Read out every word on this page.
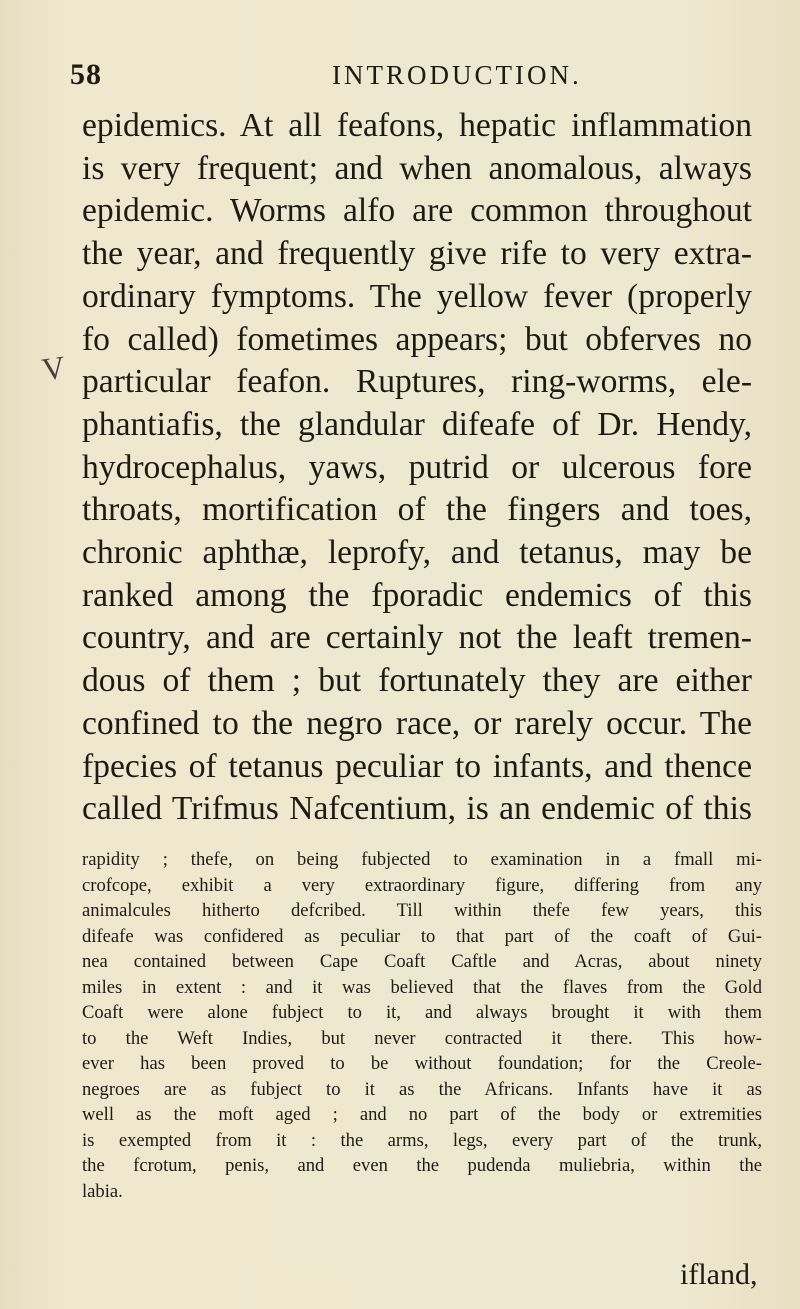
58	INTRODUCTION.
V
epidemics. At all feafons, hepatic inflammation
is very frequent; and when anomalous, always
epidemic. Worms alfo are common throughout
the year, and frequently give rife to very extra-
ordinary fymptoms. The yellow fever (properly
fo called) fometimes appears; but obferves no
particular feafon. Ruptures, ring-worms, ele-
phantiafis, the glandular difeafe of Dr. Hendy,
hydrocephalus, yaws, putrid or ulcerous fore
throats, mortification of the fingers and toes,
chronic aphthæ, leprofy, and tetanus, may be
ranked among the fporadic endemics of this
country, and are certainly not the leaft tremen-
dous of them ; but fortunately they are either
confined to the negro race, or rarely occur. The
fpecies of tetanus peculiar to infants, and thence
called Trifmus Nafcentium, is an endemic of this
rapidity ; thefe, on being fubjected to examination in a fmall mi-
crofcope, exhibit a very extraordinary figure, differing from any
animalcules hitherto defcribed. Till within thefe few years, this
difeafe was confidered as peculiar to that part of the coaft of Gui-
nea contained between Cape Coaft Caftle and Acras, about ninety
miles in extent : and it was believed that the flaves from the Gold
Coaft were alone fubject to it, and always brought it with them
to the Weft Indies, but never contracted it there. This how-
ever has been proved to be without foundation; for the Creole-
negroes are as fubject to it as the Africans. Infants have it as
well as the moft aged ; and no part of the body or extremities
is exempted from it : the arms, legs, every part of the trunk,
the fcrotum, penis, and even the pudenda muliebria, within the
labia.
ifland,
